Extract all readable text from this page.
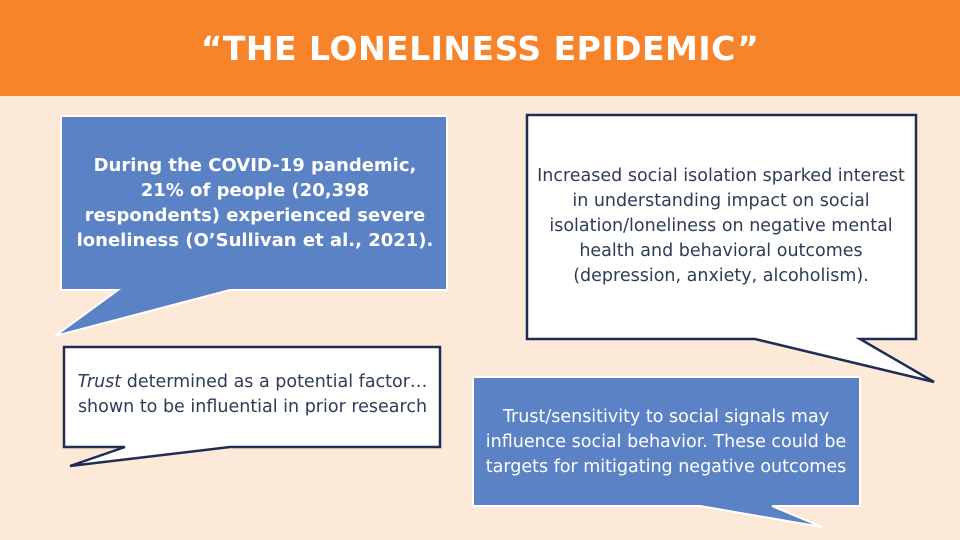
“THE LONELINESS EPIDEMIC”
During the COVID-19 pandemic, 21% of people (20,398 respondents) experienced severe loneliness (O’Sullivan et al., 2021).
Increased social isolation sparked interest in understanding impact on social isolation/loneliness on negative mental health and behavioral outcomes (depression, anxiety, alcoholism).
Trust determined as a potential factor… shown to be influential in prior research	Trust/sensitivity to social signals may influence social behavior. These could be targets for mitigating negative outcomes
